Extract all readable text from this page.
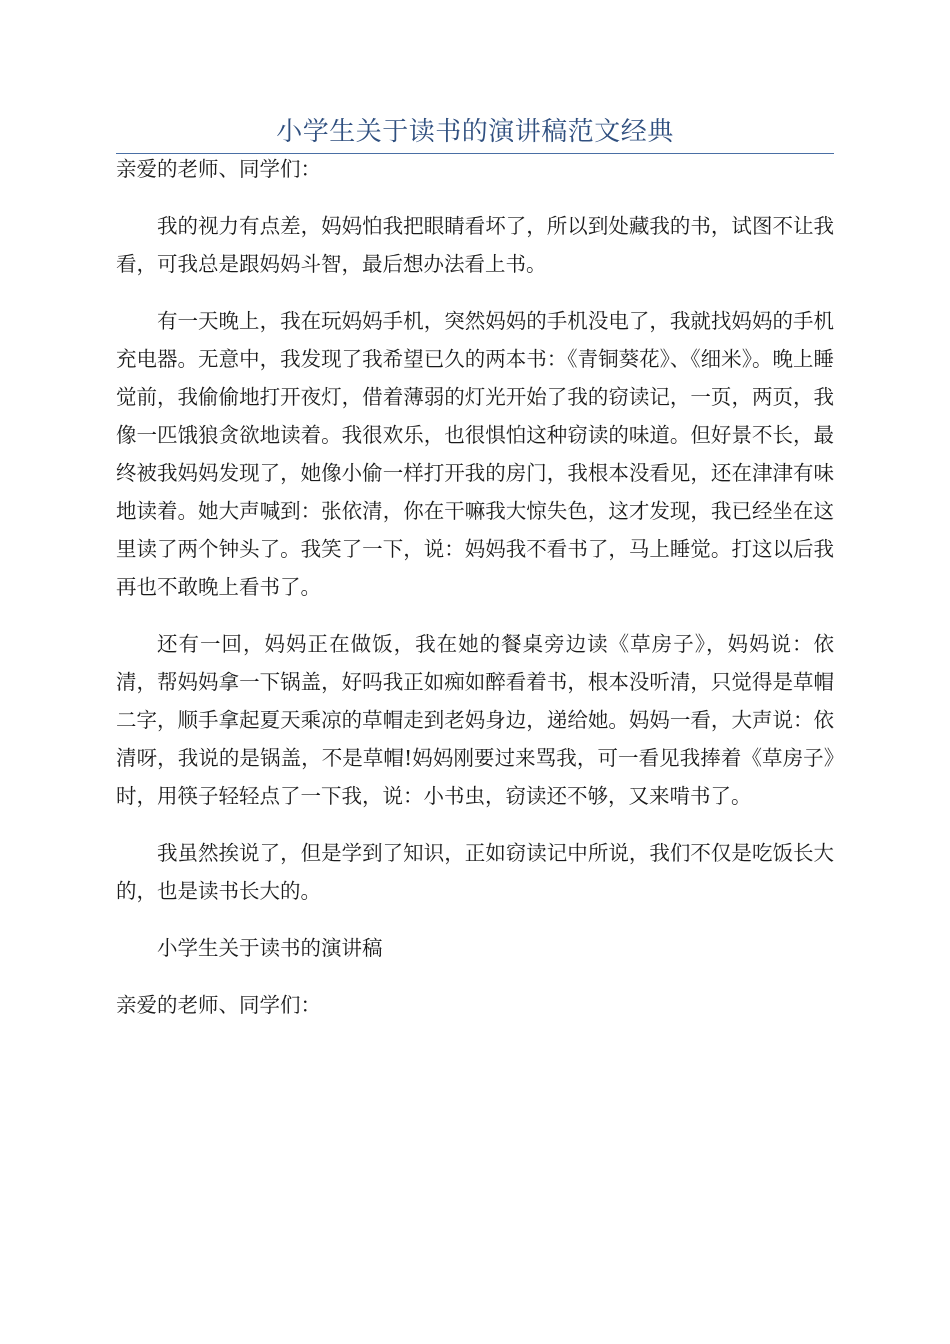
小学生关于读书的演讲稿范文经典

亲爱的老师、同学们：

我的视力有点差，妈妈怕我把眼睛看坏了，所以到处藏我的书，试图不让我看，可我总是跟妈妈斗智，最后想办法看上书。

有一天晚上，我在玩妈妈手机，突然妈妈的手机没电了，我就找妈妈的手机充电器。无意中，我发现了我希望已久的两本书：《青铜葵花》、《细米》。晚上睡觉前，我偷偷地打开夜灯，借着薄弱的灯光开始了我的窃读记，一页，两页，我像一匹饿狼贪欲地读着。我很欢乐，也很惧怕这种窃读的味道。但好景不长，最终被我妈妈发现了，她像小偷一样打开我的房门，我根本没看见，还在津津有味地读着。她大声喊到：张依清，你在干嘛我大惊失色，这才发现，我已经坐在这里读了两个钟头了。我笑了一下，说：妈妈我不看书了，马上睡觉。打这以后我再也不敢晚上看书了。

还有一回，妈妈正在做饭，我在她的餐桌旁边读《草房子》，妈妈说：依清，帮妈妈拿一下锅盖，好吗我正如痴如醉看着书，根本没听清，只觉得是草帽二字，顺手拿起夏天乘凉的草帽走到老妈身边，递给她。妈妈一看，大声说：依清呀，我说的是锅盖，不是草帽!妈妈刚要过来骂我，可一看见我捧着《草房子》时，用筷子轻轻点了一下我，说：小书虫，窃读还不够，又来啃书了。

我虽然挨说了，但是学到了知识，正如窃读记中所说，我们不仅是吃饭长大的，也是读书长大的。

小学生关于读书的演讲稿

亲爱的老师、同学们：
